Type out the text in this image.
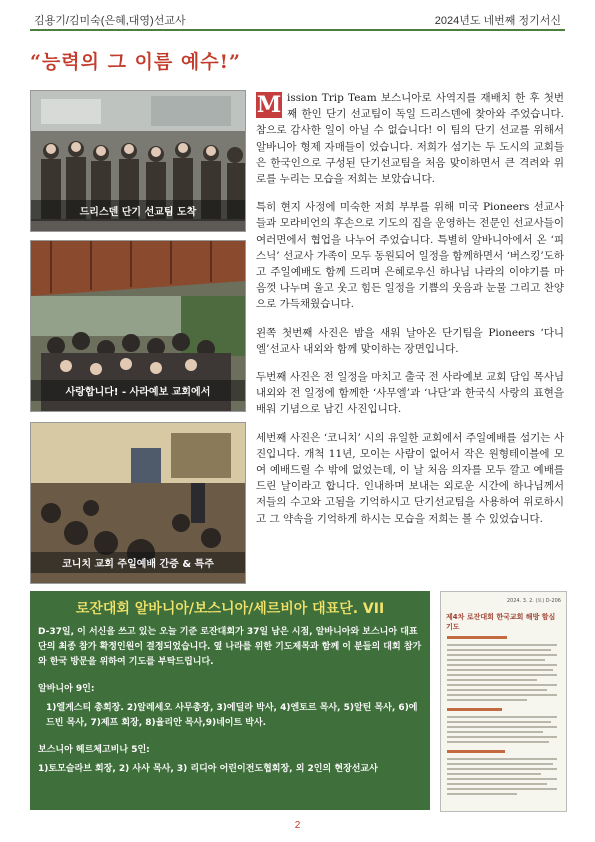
김용기/김미숙(은혜,대영)선교사	2024년도 네번째 정기서신
“능력의 그 이름 예수!”
드리스덴 단기 선교팀 도착
사랑합니다! - 사라예보 교회에서
코니치 교회 주일예배 간증 & 특주

M ission Trip Team 보스니아로 사역지를 재배치 한 후 첫번째 한인 단기 선교팀이 독일 드리스덴에 찾아와 주었습니다. 참으로 감사한 일이 아닐 수 없습니다! 이 팀의 단기 선교를 위해서 알바니아 형제 자매들이 었습니다. 저희가 섬기는 두 도시의 교회들은 한국인으로 구성된 단기선교팀을 처음 맞이하면서 큰 격려와 위로를 누리는 모습을 저희는 보았습니다.

특히 현지 사정에 미숙한 저희 부부를 위해 미국 Pioneers 선교사들과 모라비언의 후손으로 기도의 집을 운영하는 전문인 선교사들이 여러면에서 협업을 나누어 주었습니다. 특별히 알바니아에서 온 ‘피스닉’ 선교사 가족이 모두 동원되어 일정을 함께하면서 ‘버스킹’도하고 주일예배도 함께 드리며 은혜로우신 하나님 나라의 이야기를 마음껏 나누며 울고 웃고 힘든 일정을 기쁨의 웃음과 눈물 그리고 찬양으로 가득채웠습니다.

왼쪽 첫번째 사진은 밤을 새워 날아온 단기팀을 Pioneers ‘다니엘’선교사 내외와 함께 맞이하는 장면입니다.

두번째 사진은 전 일정을 마치고 출국 전 사라예보 교회 담임 목사님 내외와 전 일정에 함께한 ‘사무엘’과 ‘나단’과 한국식 사랑의 표현을 배워 기념으로 남긴 사진입니다.

세번째 사진은 ‘코니치’ 시의 유일한 교회에서 주일예배를 섬기는 사진입니다. 개척 11년, 모이는 사람이 없어서 작은 원형테이블에 모여 예배드릴 수 밖에 없었는데, 이 날 처음 의자를 모두 깔고 예배를 드린 날이라고 합니다. 인내하며 보내는 외로운 시간에 하나님께서 저들의 수고와 고됨을 기억하시고 단기선교팀을 사용하여 위로하시고 그 약속을 기억하게 하시는 모습을 저희는 볼 수 있었습니다.

로잔대회 알바니아/보스니아/세르비아 대표단. VII

D-37일, 이 서신을 쓰고 있는 오늘 기준 로잔대회가 37일 남은 시점, 알바니아와 보스니아 대표단의 최종 참가 확정인원이 결정되었습니다. 옆 나라를 위한 기도제목과 함께 이 분들의 대회 참가와 한국 방문을 위하여 기도를 부탁드립니다.

알바니아 9인:

1)엘게스티 총회장. 2)알레세오 사무총장, 3)에딜라 박사, 4)엔토르 목사, 5)알틴 목사, 6)에드빈 목사, 7)제프 회장, 8)율리안 목사,9)네이트 박사.

보스니아 헤르체고비나 5인:

1)토모슬라브 회장, 2) 사사 목사, 3) 리디아 어린이전도협회장, 외 2인의 현장선교사

2024. 3. 2. (토) D-206
제4차 로잔대회 한국교회 해방 함심기도
2
